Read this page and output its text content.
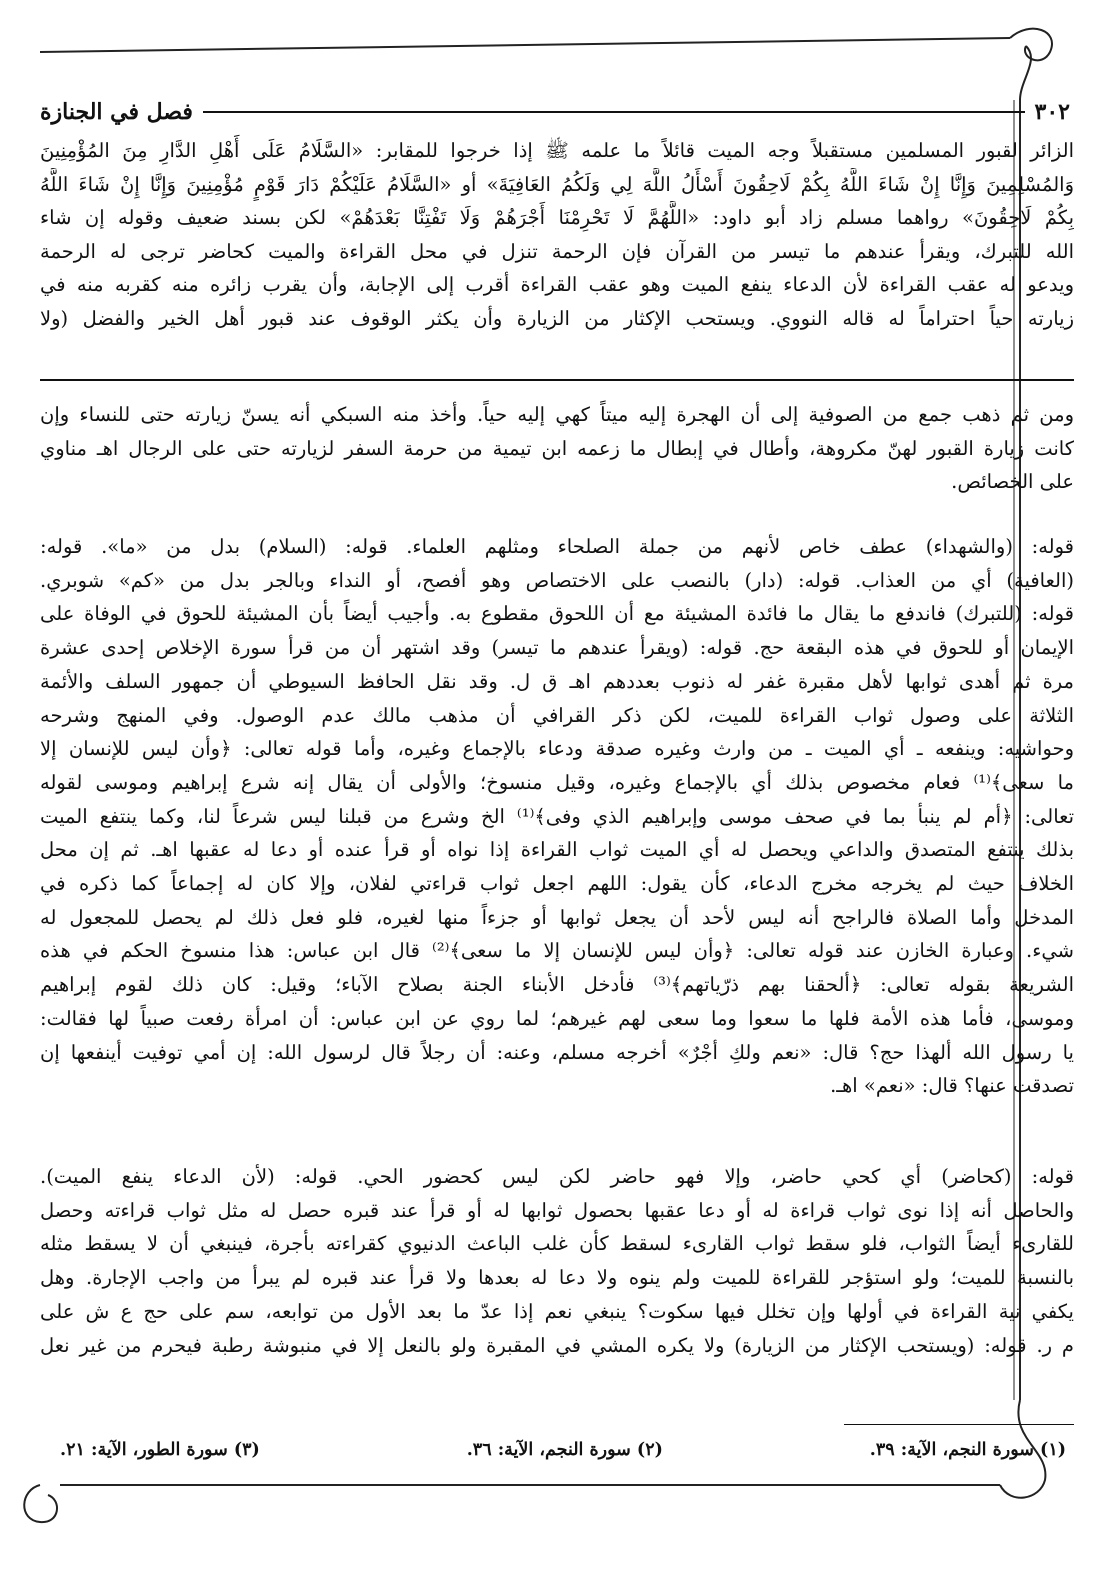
٣٠٢
فصل في الجنازة
الزائر لقبور المسلمين مستقبلاً وجه الميت قائلاً ما علمه ﷺ إذا خرجوا للمقابر: «السَّلَامُ عَلَى أَهْلِ الدَّارِ مِنَ المُؤْمِنِينَ
وَالمُسْلِمِينَ وَإِنَّا إِنْ شَاءَ اللَّهُ بِكُمْ لَاحِقُونَ أَسْأَلُ اللَّهَ لِي وَلَكُمُ العَافِيَةَ» أو «السَّلَامُ عَلَيْكُمْ دَارَ قَوْمٍ مُؤْمِنِينَ وَإِنَّا إِنْ شَاءَ اللَّهُ
بِكُمْ لَاحِقُونَ» رواهما مسلم زاد أبو داود: «اللَّهُمَّ لَا تَحْرِمْنَا أَجْرَهُمْ وَلَا تَفْتِنَّا بَعْدَهُمْ» لكن بسند ضعيف وقوله إن شاء
الله للتبرك، ويقرأ عندهم ما تيسر من القرآن فإن الرحمة تنزل في محل القراءة والميت كحاضر ترجى له الرحمة
ويدعو له عقب القراءة لأن الدعاء ينفع الميت وهو عقب القراءة أقرب إلى الإجابة، وأن يقرب زائره منه كقربه منه في
زيارته حياً احتراماً له قاله النووي. ويستحب الإكثار من الزيارة وأن يكثر الوقوف عند قبور أهل الخير والفضل (ولا
ومن ثم ذهب جمع من الصوفية إلى أن الهجرة إليه ميتاً كهي إليه حياً. وأخذ منه السبكي أنه يسنّ زيارته حتى للنساء وإن
كانت زيارة القبور لهنّ مكروهة، وأطال في إبطال ما زعمه ابن تيمية من حرمة السفر لزيارته حتى على الرجال اهـ مناوي
على الخصائص.
قوله: (والشهداء) عطف خاص لأنهم من جملة الصلحاء ومثلهم العلماء. قوله: (السلام) بدل من «ما». قوله:
(العافية) أي من العذاب. قوله: (دار) بالنصب على الاختصاص وهو أفصح، أو النداء وبالجر بدل من «كم» شوبري.
قوله: (للتبرك) فاندفع ما يقال ما فائدة المشيئة مع أن اللحوق مقطوع به. وأجيب أيضاً بأن المشيئة للحوق في الوفاة على
الإيمان أو للحوق في هذه البقعة حج. قوله: (ويقرأ عندهم ما تيسر) وقد اشتهر أن من قرأ سورة الإخلاص إحدى عشرة
مرة ثم أهدى ثوابها لأهل مقبرة غفر له ذنوب بعددهم اهـ ق ل. وقد نقل الحافظ السيوطي أن جمهور السلف والأئمة
الثلاثة على وصول ثواب القراءة للميت، لكن ذكر القرافي أن مذهب مالك عدم الوصول. وفي المنهج وشرحه
وحواشيه: وينفعه ـ أي الميت ـ من وارث وغيره صدقة ودعاء بالإجماع وغيره، وأما قوله تعالى: ﴿وأن ليس للإنسان إلا
ما سعى﴾⁽¹⁾ فعام مخصوص بذلك أي بالإجماع وغيره، وقيل منسوخ؛ والأولى أن يقال إنه شرع إبراهيم وموسى لقوله
تعالى: ﴿أم لم ينبأ بما في صحف موسى وإبراهيم الذي وفى﴾⁽¹⁾ الخ وشرع من قبلنا ليس شرعاً لنا، وكما ينتفع الميت
بذلك ينتفع المتصدق والداعي ويحصل له أي الميت ثواب القراءة إذا نواه أو قرأ عنده أو دعا له عقبها اهـ. ثم إن محل
الخلاف حيث لم يخرجه مخرج الدعاء، كأن يقول: اللهم اجعل ثواب قراءتي لفلان، وإلا كان له إجماعاً كما ذكره في
المدخل وأما الصلاة فالراجح أنه ليس لأحد أن يجعل ثوابها أو جزءاً منها لغيره، فلو فعل ذلك لم يحصل للمجعول له
شيء. وعبارة الخازن عند قوله تعالى: ﴿وأن ليس للإنسان إلا ما سعى﴾⁽²⁾ قال ابن عباس: هذا منسوخ الحكم في هذه
الشريعة بقوله تعالى: ﴿ألحقنا بهم ذرّياتهم﴾⁽³⁾ فأدخل الأبناء الجنة بصلاح الآباء؛ وقيل: كان ذلك لقوم إبراهيم
وموسى، فأما هذه الأمة فلها ما سعوا وما سعى لهم غيرهم؛ لما روي عن ابن عباس: أن امرأة رفعت صبياً لها فقالت:
يا رسول الله ألهذا حج؟ قال: «نعم ولكِ أجْرٌ» أخرجه مسلم، وعنه: أن رجلاً قال لرسول الله: إن أمي توفيت أينفعها إن
تصدقت عنها؟ قال: «نعم» اهـ.
قوله: (كحاضر) أي كحي حاضر، وإلا فهو حاضر لكن ليس كحضور الحي. قوله: (لأن الدعاء ينفع الميت).
والحاصل أنه إذا نوى ثواب قراءة له أو دعا عقبها بحصول ثوابها له أو قرأ عند قبره حصل له مثل ثواب قراءته وحصل
للقارىء أيضاً الثواب، فلو سقط ثواب القارىء لسقط كأن غلب الباعث الدنيوي كقراءته بأجرة، فينبغي أن لا يسقط مثله
بالنسبة للميت؛ ولو استؤجر للقراءة للميت ولم ينوه ولا دعا له بعدها ولا قرأ عند قبره لم يبرأ من واجب الإجارة. وهل
يكفي نية القراءة في أولها وإن تخلل فيها سكوت؟ ينبغي نعم إذا عدّ ما بعد الأول من توابعه، سم على حج ع ش على
م ر. قوله: (ويستحب الإكثار من الزيارة) ولا يكره المشي في المقبرة ولو بالنعل إلا في منبوشة رطبة فيحرم من غير نعل
(١) سورة النجم، الآية: ٣٩.
(٢) سورة النجم، الآية: ٣٦.
(٣) سورة الطور، الآية: ٢١.
